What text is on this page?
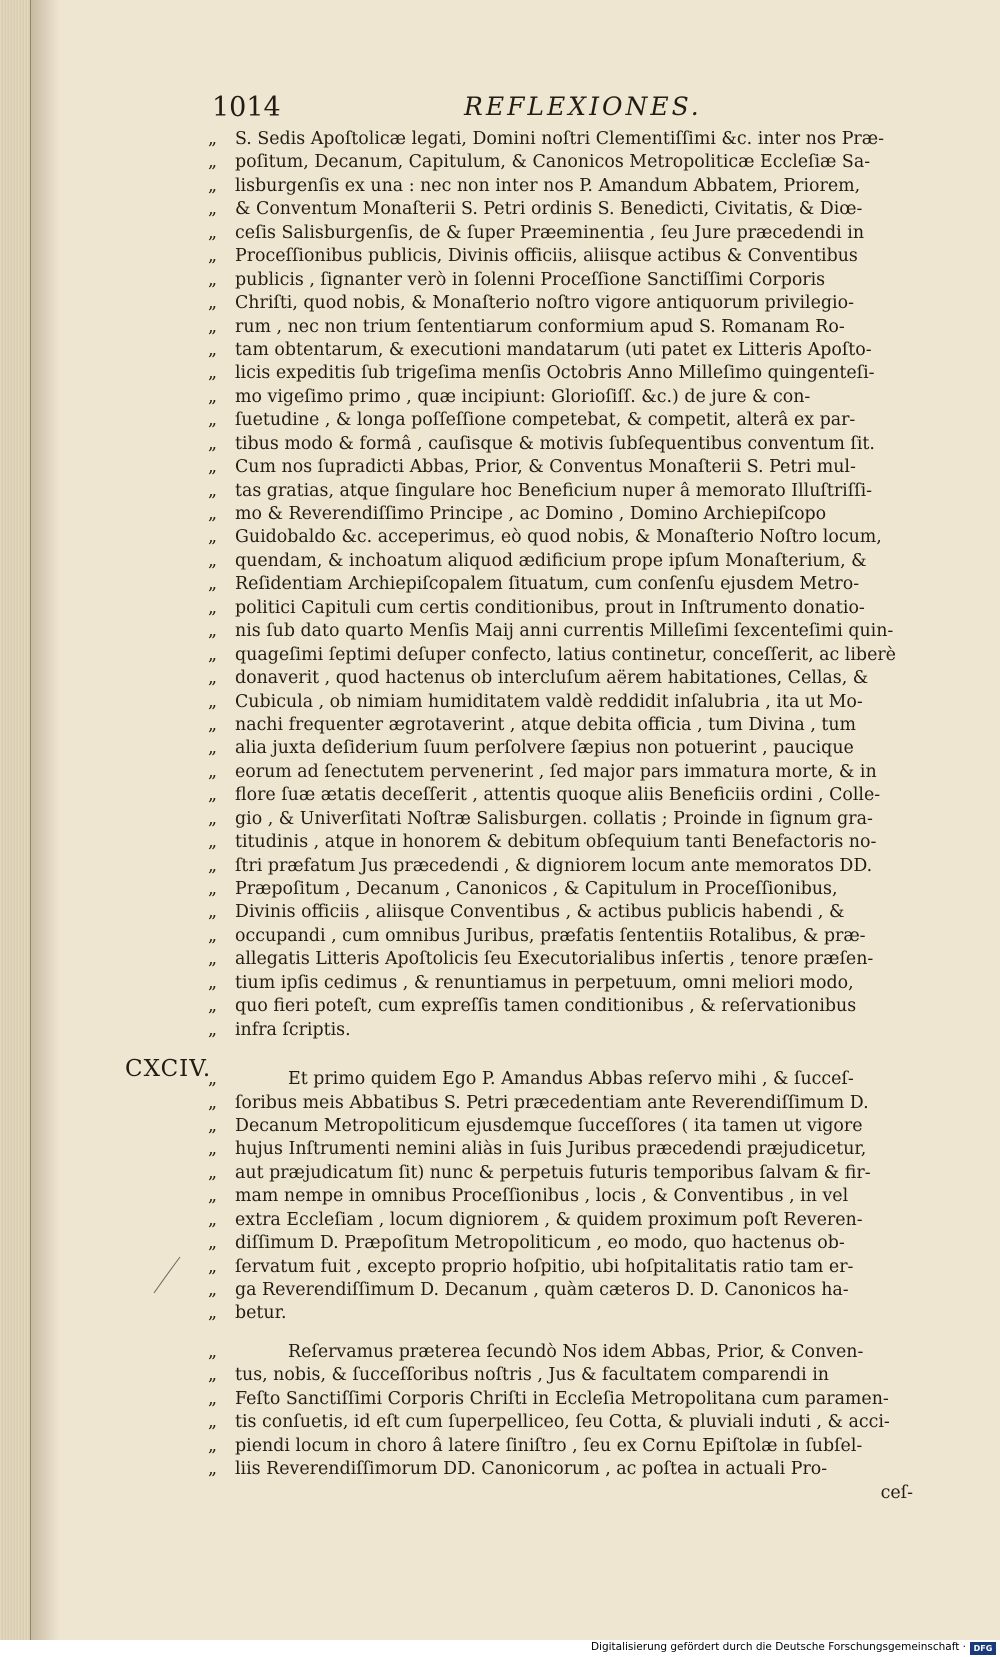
1014	REFLEXIONES.
CXCIV.
„	S. Sedis Apoſtolicæ legati, Domini noſtri Clementiſſimi &c. inter nos Præ-
„	poſitum, Decanum, Capitulum, & Canonicos Metropoliticæ Eccleſiæ Sa-
„	lisburgenſis ex una : nec non inter nos P. Amandum Abbatem, Priorem,
„	& Conventum Monaſterii S. Petri ordinis S. Benedicti, Civitatis, & Diœ-
„	ceſis Salisburgenſis, de & ſuper Præeminentia , ſeu Jure præcedendi in
„	Proceſſionibus publicis, Divinis officiis, aliisque actibus & Conventibus
„	publicis , ſignanter verò in ſolenni Proceſſione Sanctiſſimi Corporis
„	Chriſti, quod nobis, & Monaſterio noſtro vigore antiquorum privilegio-
„	rum , nec non trium ſententiarum conformium apud S. Romanam Ro-
„	tam obtentarum, & executioni mandatarum (uti patet ex Litteris Apoſto-
„	licis expeditis ſub trigeſima menſis Octobris Anno Milleſimo quingenteſi-
„	mo vigeſimo primo , quæ incipiunt: Glorioſiſſ. &c.) de jure & con-
„	ſuetudine , & longa poſſeſſione competebat, & competit, alterâ ex par-
„	tibus modo & formâ , cauſisque & motivis ſubſequentibus conventum ſit.
„	Cum nos ſupradicti Abbas, Prior, & Conventus Monaſterii S. Petri mul-
„	tas gratias, atque ſingulare hoc Beneficium nuper â memorato Illuſtriſſi-
„	mo & Reverendiſſimo Principe , ac Domino , Domino Archiepiſcopo
„	Guidobaldo &c. acceperimus, eò quod nobis, & Monaſterio Noſtro locum,
„	quendam, & inchoatum aliquod ædificium prope ipſum Monaſterium, &
„	Reſidentiam Archiepiſcopalem ſituatum, cum conſenſu ejusdem Metro-
„	politici Capituli cum certis conditionibus, prout in Inſtrumento donatio-
„	nis ſub dato quarto Menſis Maij anni currentis Milleſimi ſexcenteſimi quin-
„	quageſimi ſeptimi deſuper confecto, latius continetur, conceſſerit, ac liberè
„	donaverit , quod hactenus ob intercluſum aërem habitationes, Cellas, &
„	Cubicula , ob nimiam humiditatem valdè reddidit inſalubria , ita ut Mo-
„	nachi frequenter ægrotaverint , atque debita officia , tum Divina , tum
„	alia juxta deſiderium ſuum perſolvere ſæpius non potuerint , paucique
„	eorum ad ſenectutem pervenerint , ſed major pars immatura morte, & in
„	flore ſuæ ætatis deceſſerit , attentis quoque aliis Beneficiis ordini , Colle-
„	gio , & Univerſitati Noſtræ Salisburgen. collatis ; Proinde in ſignum gra-
„	titudinis , atque in honorem & debitum obſequium tanti Benefactoris no-
„	ſtri præfatum Jus præcedendi , & digniorem locum ante memoratos DD.
„	Præpoſitum , Decanum , Canonicos , & Capitulum in Proceſſionibus,
„	Divinis officiis , aliisque Conventibus , & actibus publicis habendi , &
„	occupandi , cum omnibus Juribus, præfatis ſententiis Rotalibus, & præ-
„	allegatis Litteris Apoſtolicis ſeu Executorialibus inſertis , tenore præſen-
„	tium ipſis cedimus , & renuntiamus in perpetuum, omni meliori modo,
„	quo fieri poteſt, cum expreſſis tamen conditionibus , & reſervationibus
„	infra ſcriptis.
„	Et primo quidem Ego P. Amandus Abbas reſervo mihi , & ſucceſ-
„	ſoribus meis Abbatibus S. Petri præcedentiam ante Reverendiſſimum D.
„	Decanum Metropoliticum ejusdemque ſucceſſores ( ita tamen ut vigore
„	hujus Inſtrumenti nemini aliàs in ſuis Juribus præcedendi præjudicetur,
„	aut præjudicatum ſit) nunc & perpetuis futuris temporibus ſalvam & fir-
„	mam nempe in omnibus Proceſſionibus , locis , & Conventibus , in vel
„	extra Eccleſiam , locum digniorem , & quidem proximum poſt Reveren-
„	diſſimum D. Præpoſitum Metropoliticum , eo modo, quo hactenus ob-
„	ſervatum fuit , excepto proprio hoſpitio, ubi hoſpitalitatis ratio tam er-
„	ga Reverendiſſimum D. Decanum , quàm cæteros D. D. Canonicos ha-
„	betur.
„	Reſervamus præterea ſecundò Nos idem Abbas, Prior, & Conven-
„	tus, nobis, & ſucceſſoribus noſtris , Jus & facultatem comparendi in
„	Feſto Sanctiſſimi Corporis Chriſti in Eccleſia Metropolitana cum paramen-
„	tis conſuetis, id eſt cum ſuperpelliceo, ſeu Cotta, & pluviali induti , & acci-
„	piendi locum in choro â latere ſiniſtro , ſeu ex Cornu Epiſtolæ in ſubſel-
„	liis Reverendiſſimorum DD. Canonicorum , ac poſtea in actuali Pro-
ceſ-
Digitalisierung gefördert durch die Deutsche Forschungsgemeinschaft · DFG
